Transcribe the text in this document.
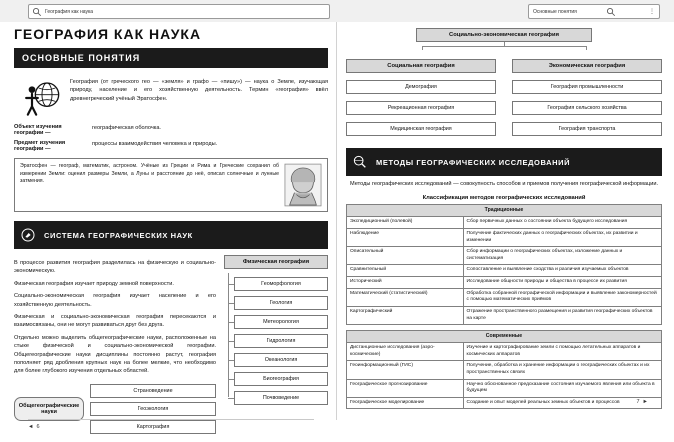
География как наука	Основные понятия	⋮
ГЕОГРАФИЯ КАК НАУКА
ОСНОВНЫЕ ПОНЯТИЯ

География (от греческого гео — «земля» и графо — «пишу») — наука о Земле, изучающая природу, население и его хозяйственную деятельность. Термин «география» ввёл древнегреческий учёный Эратосфен.

Объект изучения географии —
географическая оболочка.
Предмет изучения географии —
процессы взаимодействия человека и природы.
Эратосфен — географ, математик, астроном. Учёные из Греции и Рима и Греческие сохранил об измерении Земли: оценил размеры Земли, а Луны и расстояние до неё, описал солнечные и лунные затмения.
СИСТЕМА ГЕОГРАФИЧЕСКИХ НАУК

В процессе развития география разделилась на физическую и социально-экономическую.

Физическая география изучает природу земной поверхности.

Социально-экономическая география изучает население и его хозяйственную деятельность.

Физическая и социально-экономическая география пересекаются и взаимосвязаны, они не могут развиваться друг без друга.

Отдельно можно выделить общегеографические науки, расположенные на стыке физической и социально-экономической географии. Общегеографические науки дисциплины постоянно растут, география пополняет ряд дробления крупных наук на более мелкие, что необходимо для более глубокого изучения отдельных областей.

Общегеографические науки
Страноведение
Геоэкология
Картография
Физическая география
Геоморфология
Геология
Метеорология
Гидрология
Океанология
Биогеография
Почвоведение
◄ 6
Социально-экономическая география
Социальная география
Демография
Рекреационная география
Медицинская география
Экономическая география
География промышленности
География сельского хозяйства
География транспорта
МЕТОДЫ ГЕОГРАФИЧЕСКИХ ИССЛЕДОВАНИЙ

Методы географических исследований — совокупность способов и приемов получения географической информации.

Классификация методов географических исследований
Традиционные	
Экспедиционный (полевой)	Сбор первичных данных о состоянии объекта будущего исследования
Наблюдение	Получение фактических данных о географических объектах, их развитии и изменении
Описательный	Сбор информации о географических объектах, изложение данных и систематизация
Сравнительный	Сопоставление и выявление сходства и различия изучаемых объектов
Исторический	Исследование общности природы и общества в процессе их развития
Математический (статистический)	Обработка собранной географической информации и выявление закономерностей с помощью математических приёмов
Картографический	Отражение пространственного размещения и развития географических объектов на карте
Современные	
Дистанционные исследования (аэро-космические)	Изучение и картографирование земли с помощью летательных аппаратов и космических аппаратов
Геоинформационный (ГИС)	Получение, обработка и хранение информации о географических объектах и их пространственных связях
Географическое прогнозирование	Научно обоснованное предсказание состояния изучаемого явления или объекта в будущем
Географическое моделирование	Создание и опыт моделей реальных земных объектов и процессов	7 ►
